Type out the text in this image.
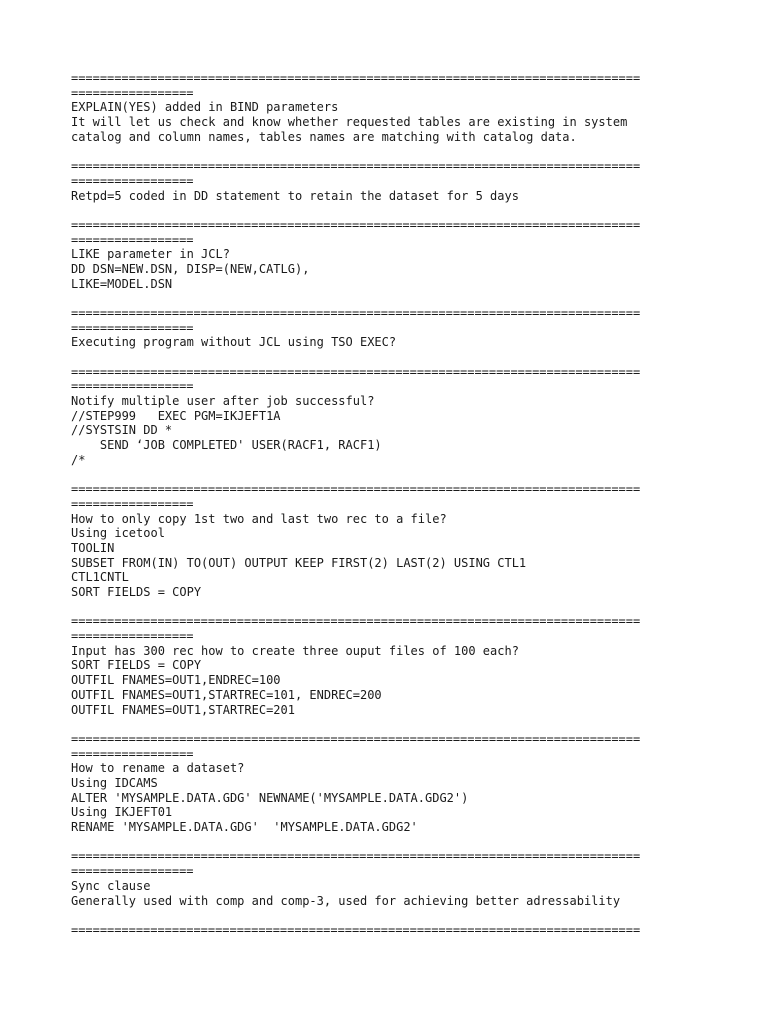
===============================================================================
=================
EXPLAIN(YES) added in BIND parameters
It will let us check and know whether requested tables are existing in system
catalog and column names, tables names are matching with catalog data.
===============================================================================
=================
Retpd=5 coded in DD statement to retain the dataset for 5 days
===============================================================================
=================
LIKE parameter in JCL?
DD DSN=NEW.DSN, DISP=(NEW,CATLG),
LIKE=MODEL.DSN
===============================================================================
=================
Executing program without JCL using TSO EXEC?
===============================================================================
=================
Notify multiple user after job successful?
//STEP999   EXEC PGM=IKJEFT1A
//SYSTSIN DD *
SEND ‘JOB COMPLETED' USER(RACF1, RACF1)
/*
===============================================================================
=================
How to only copy 1st two and last two rec to a file?
Using icetool
TOOLIN
SUBSET FROM(IN) TO(OUT) OUTPUT KEEP FIRST(2) LAST(2) USING CTL1
CTL1CNTL
SORT FIELDS = COPY
===============================================================================
=================
Input has 300 rec how to create three ouput files of 100 each?
SORT FIELDS = COPY
OUTFIL FNAMES=OUT1,ENDREC=100
OUTFIL FNAMES=OUT1,STARTREC=101, ENDREC=200
OUTFIL FNAMES=OUT1,STARTREC=201
===============================================================================
=================
How to rename a dataset?
Using IDCAMS
ALTER 'MYSAMPLE.DATA.GDG' NEWNAME('MYSAMPLE.DATA.GDG2')
Using IKJEFT01
RENAME 'MYSAMPLE.DATA.GDG'  'MYSAMPLE.DATA.GDG2'
===============================================================================
=================
Sync clause
Generally used with comp and comp-3, used for achieving better adressability
===============================================================================
